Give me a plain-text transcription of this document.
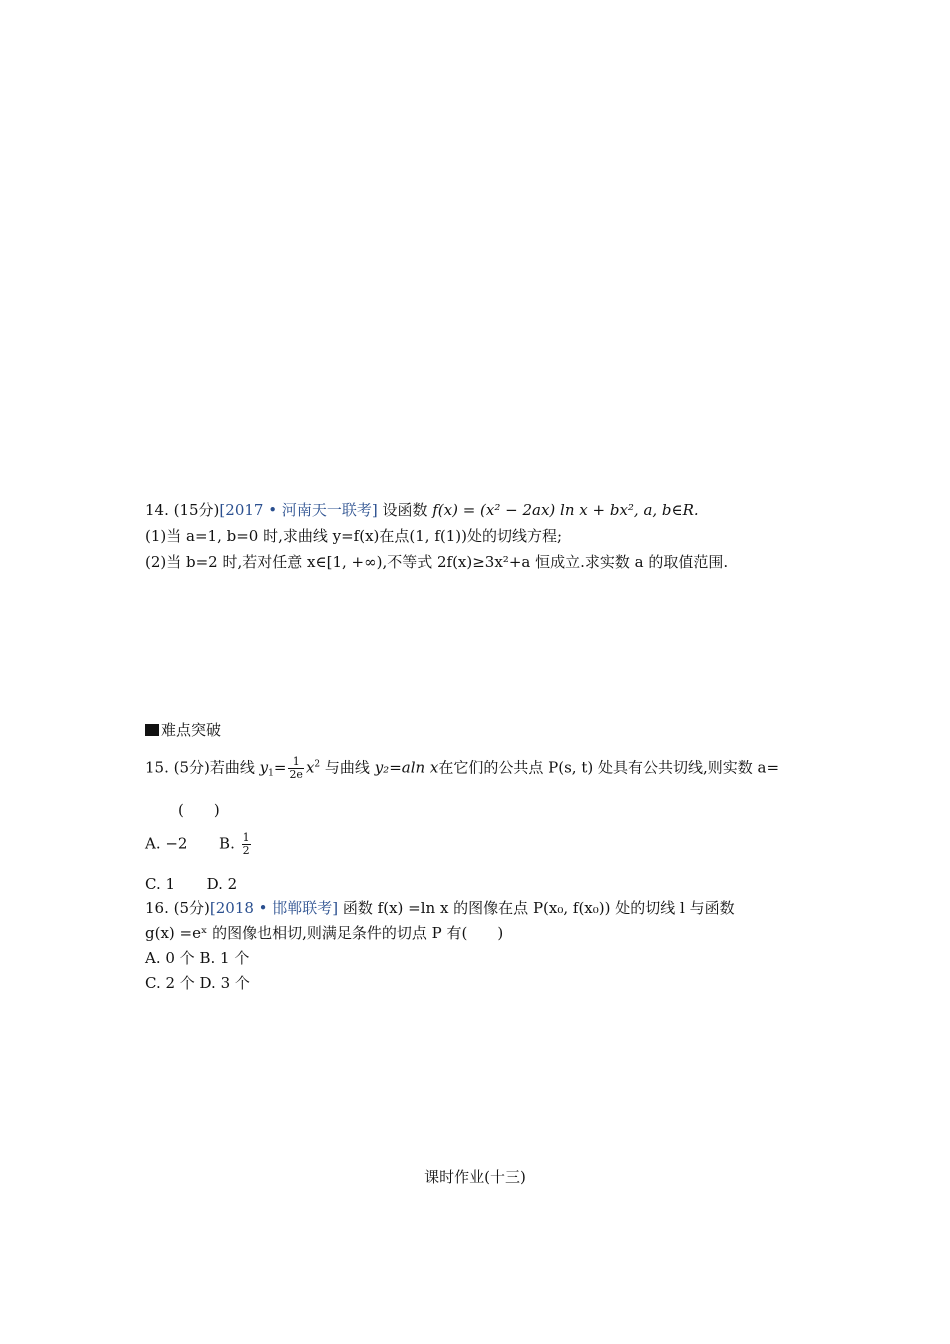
14. (15分)[2017 • 河南天一联考] 设函数 f(x) = (x² − 2ax) ln x + bx², a, b∈R.
(1)当 a=1, b=0 时,求曲线 y=f(x)在点(1, f(1))处的切线方程;
(2)当 b=2 时,若对任意 x∈[1, +∞),不等式 2f(x)≥3x²+a 恒成立.求实数 a 的取值范围.
难点突破
15. (5分)若曲线 $y_1= \frac{1}{2e} x^2$ 与曲线 y₂=aln x在它们的公共点 P(s, t) 处具有公共切线,则实数 a=
(　　)
A. −2 B. $\frac{1}{2}$
C. 1 D. 2
16. (5分)[2018 • 邯郸联考] 函数 f(x) =ln x 的图像在点 P(x₀, f(x₀)) 处的切线 l 与函数
g(x) =eˣ 的图像也相切,则满足条件的切点 P 有(　　)
A. 0 个 B. 1 个
C. 2 个 D. 3 个
课时作业(十三)
